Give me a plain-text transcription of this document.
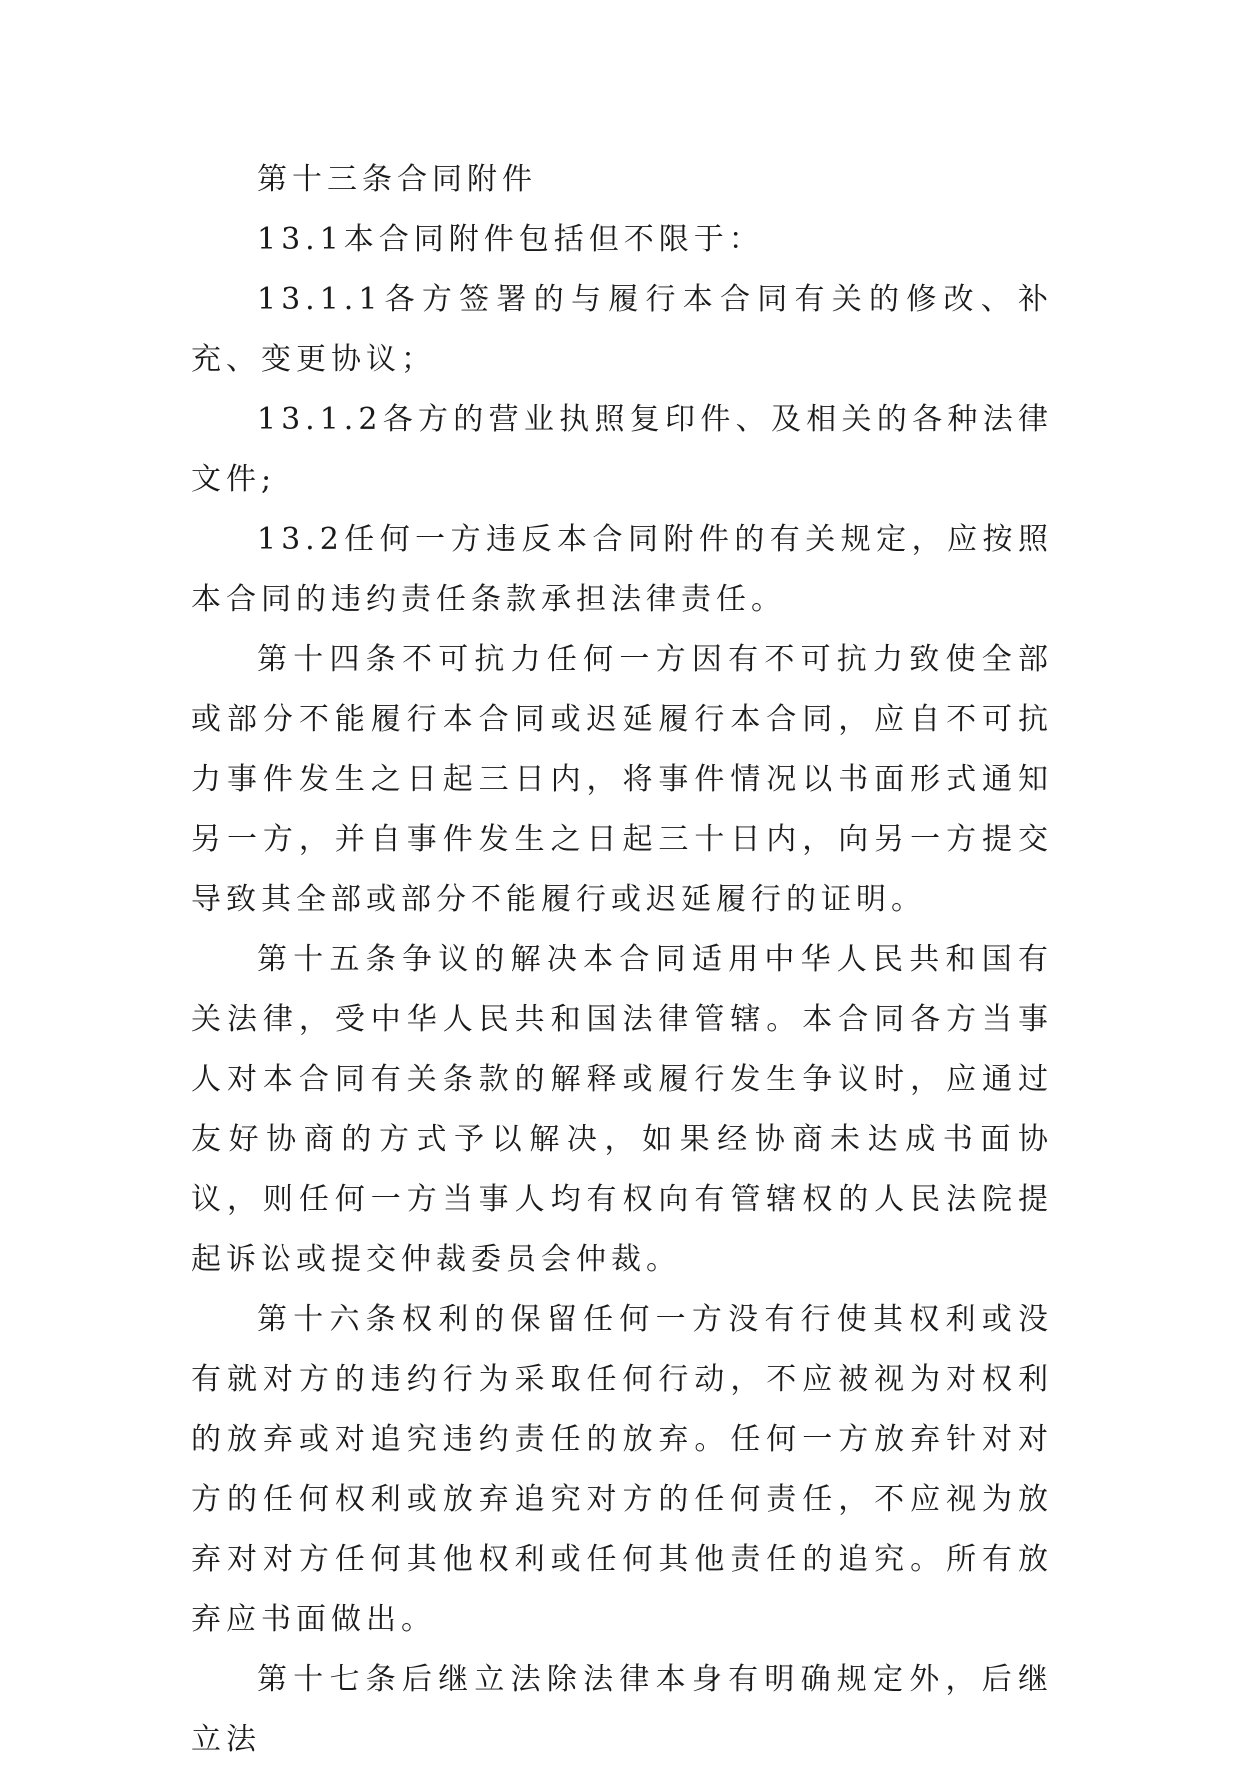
第十三条合同附件

13.1本合同附件包括但不限于：

13.1.1各方签署的与履行本合同有关的修改、补充、变更协议；

13.1.2各方的营业执照复印件、及相关的各种法律文件;

13.2任何一方违反本合同附件的有关规定，应按照本合同的违约责任条款承担法律责任。

第十四条不可抗力任何一方因有不可抗力致使全部或部分不能履行本合同或迟延履行本合同，应自不可抗力事件发生之日起三日内，将事件情况以书面形式通知另一方，并自事件发生之日起三十日内，向另一方提交导致其全部或部分不能履行或迟延履行的证明。

第十五条争议的解决本合同适用中华人民共和国有关法律，受中华人民共和国法律管辖。本合同各方当事人对本合同有关条款的解释或履行发生争议时，应通过友好协商的方式予以解决，如果经协商未达成书面协议，则任何一方当事人均有权向有管辖权的人民法院提起诉讼或提交仲裁委员会仲裁。

第十六条权利的保留任何一方没有行使其权利或没有就对方的违约行为采取任何行动，不应被视为对权利的放弃或对追究违约责任的放弃。任何一方放弃针对对方的任何权利或放弃追究对方的任何责任，不应视为放弃对对方任何其他权利或任何其他责任的追究。所有放弃应书面做出。

第十七条后继立法除法律本身有明确规定外，后继立法
